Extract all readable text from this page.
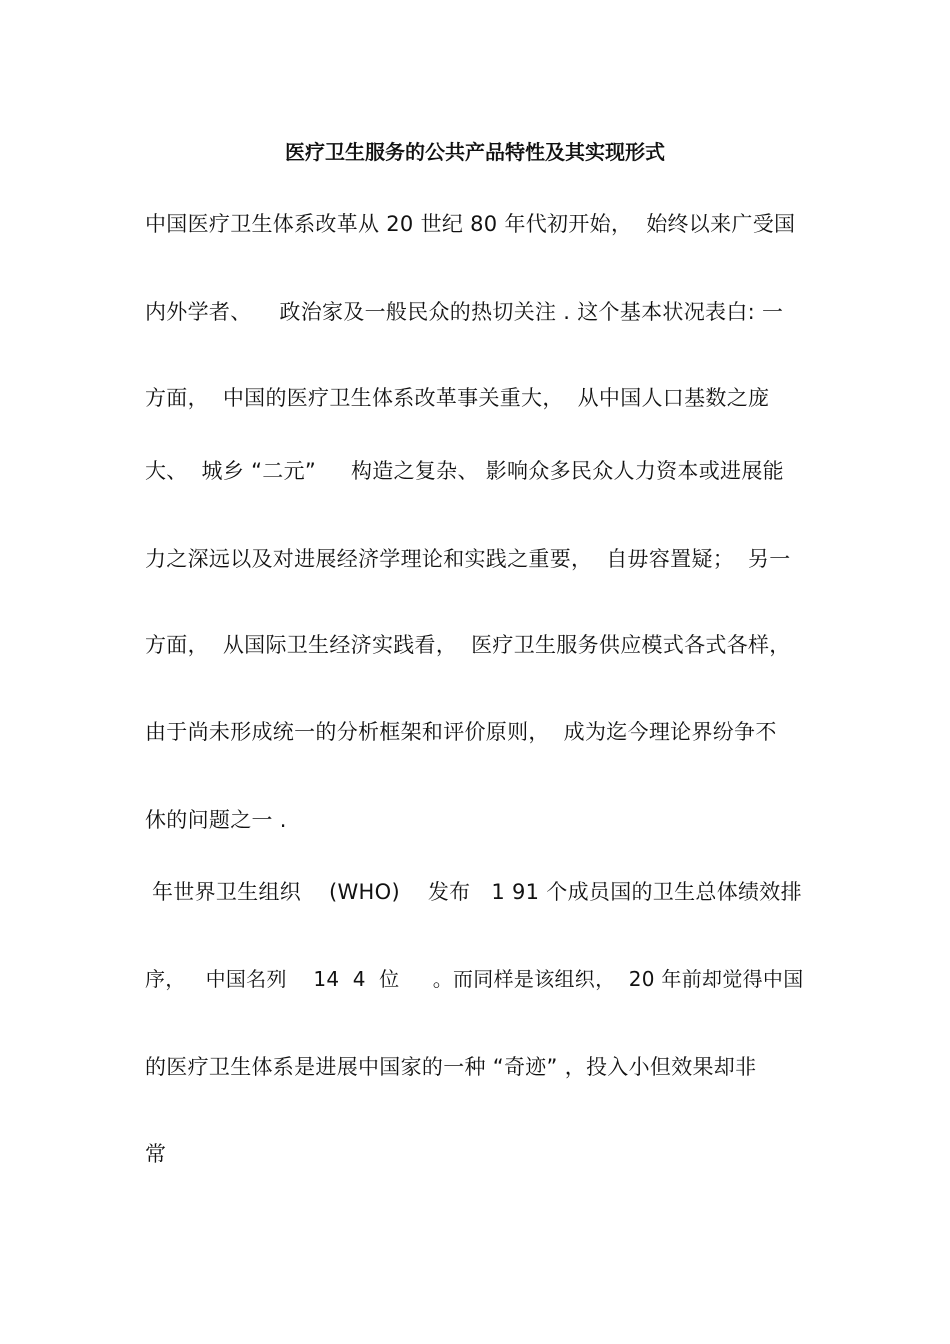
医疗卫生服务的公共产品特性及其实现形式
中国医疗卫生体系改革从 20 世纪 80 年代初开始，  始终以来广受国
内外学者、    政治家及一般民众的热切关注 . 这个基本状况表白: 一
方面，  中国的医疗卫生体系改革事关重大，  从中国人口基数之庞
大、  城乡 “二元”     构造之复杂、 影响众多民众人力资本或进展能
力之深远以及对进展经济学理论和实践之重要，  自毋容置疑；  另一
方面，  从国际卫生经济实践看，  医疗卫生服务供应模式各式各样，
由于尚未形成统一的分析框架和评价原则，  成为迄今理论界纷争不
休的问题之一 .
年世界卫生组织    (WHO)    发布   1 91 个成员国的卫生总体绩效排
序，   中国名列    14  4  位     。而同样是该组织，  20 年前却觉得中国
的医疗卫生体系是进展中国家的一种 “奇迹” ，投入小但效果却非
常
